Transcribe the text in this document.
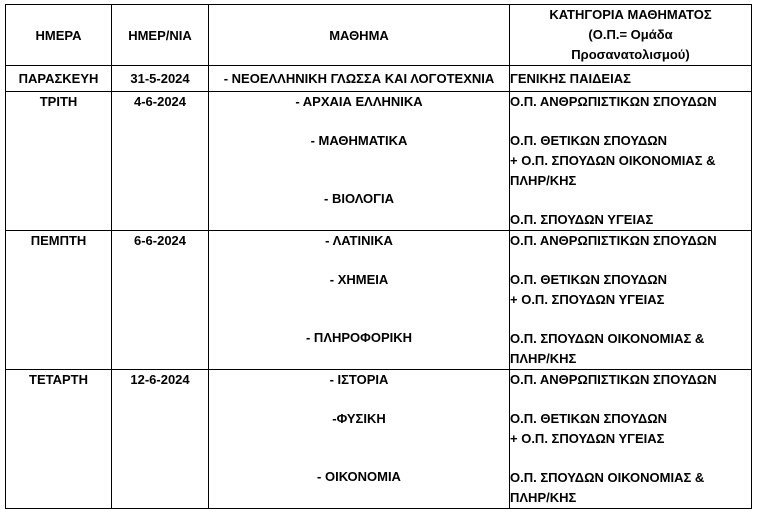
ΗΜΕΡΑ	ΗΜΕΡ/ΝΙΑ	ΜΑΘΗΜΑ	ΚΑΤΗΓΟΡΙΑ ΜΑΘΗΜΑΤΟΣ
(Ο.Π.= Ομάδα
Προσανατολισμού)

ΠΑΡΑΣΚΕΥΗ	31-5-2024	- ΝΕΟΕΛΛΗΝΙΚΗ ΓΛΩΣΣΑ ΚΑΙ ΛΟΓΟΤΕΧΝΙΑ	ΓΕΝΙΚΗΣ ΠΑΙΔΕΙΑΣ

ΤΡΙΤΗ	4-6-2024	- ΑΡΧΑΙΑ ΕΛΛΗΝΙΚΑ
- ΜΑΘΗΜΑΤΙΚΑ
- ΒΙΟΛΟΓΙΑ	Ο.Π. ΑΝΘΡΩΠΙΣΤΙΚΩΝ ΣΠΟΥΔΩΝ
Ο.Π. ΘΕΤΙΚΩΝ ΣΠΟΥΔΩΝ
+ Ο.Π. ΣΠΟΥΔΩΝ ΟΙΚΟΝΟΜΙΑΣ &
ΠΛΗΡ/ΚΗΣ
Ο.Π. ΣΠΟΥΔΩΝ ΥΓΕΙΑΣ

ΠΕΜΠΤΗ	6-6-2024	- ΛΑΤΙΝΙΚΑ
- ΧΗΜΕΙΑ
- ΠΛΗΡΟΦΟΡΙΚΗ	Ο.Π. ΑΝΘΡΩΠΙΣΤΙΚΩΝ ΣΠΟΥΔΩΝ
Ο.Π. ΘΕΤΙΚΩΝ ΣΠΟΥΔΩΝ
+ Ο.Π. ΣΠΟΥΔΩΝ ΥΓΕΙΑΣ
Ο.Π. ΣΠΟΥΔΩΝ ΟΙΚΟΝΟΜΙΑΣ &
ΠΛΗΡ/ΚΗΣ

ΤΕΤΑΡΤΗ	12-6-2024	- ΙΣΤΟΡΙΑ
-ΦΥΣΙΚΗ
- ΟΙΚΟΝΟΜΙΑ	Ο.Π. ΑΝΘΡΩΠΙΣΤΙΚΩΝ ΣΠΟΥΔΩΝ
Ο.Π. ΘΕΤΙΚΩΝ ΣΠΟΥΔΩΝ
+ Ο.Π. ΣΠΟΥΔΩΝ ΥΓΕΙΑΣ
Ο.Π. ΣΠΟΥΔΩΝ ΟΙΚΟΝΟΜΙΑΣ &
ΠΛΗΡ/ΚΗΣ
